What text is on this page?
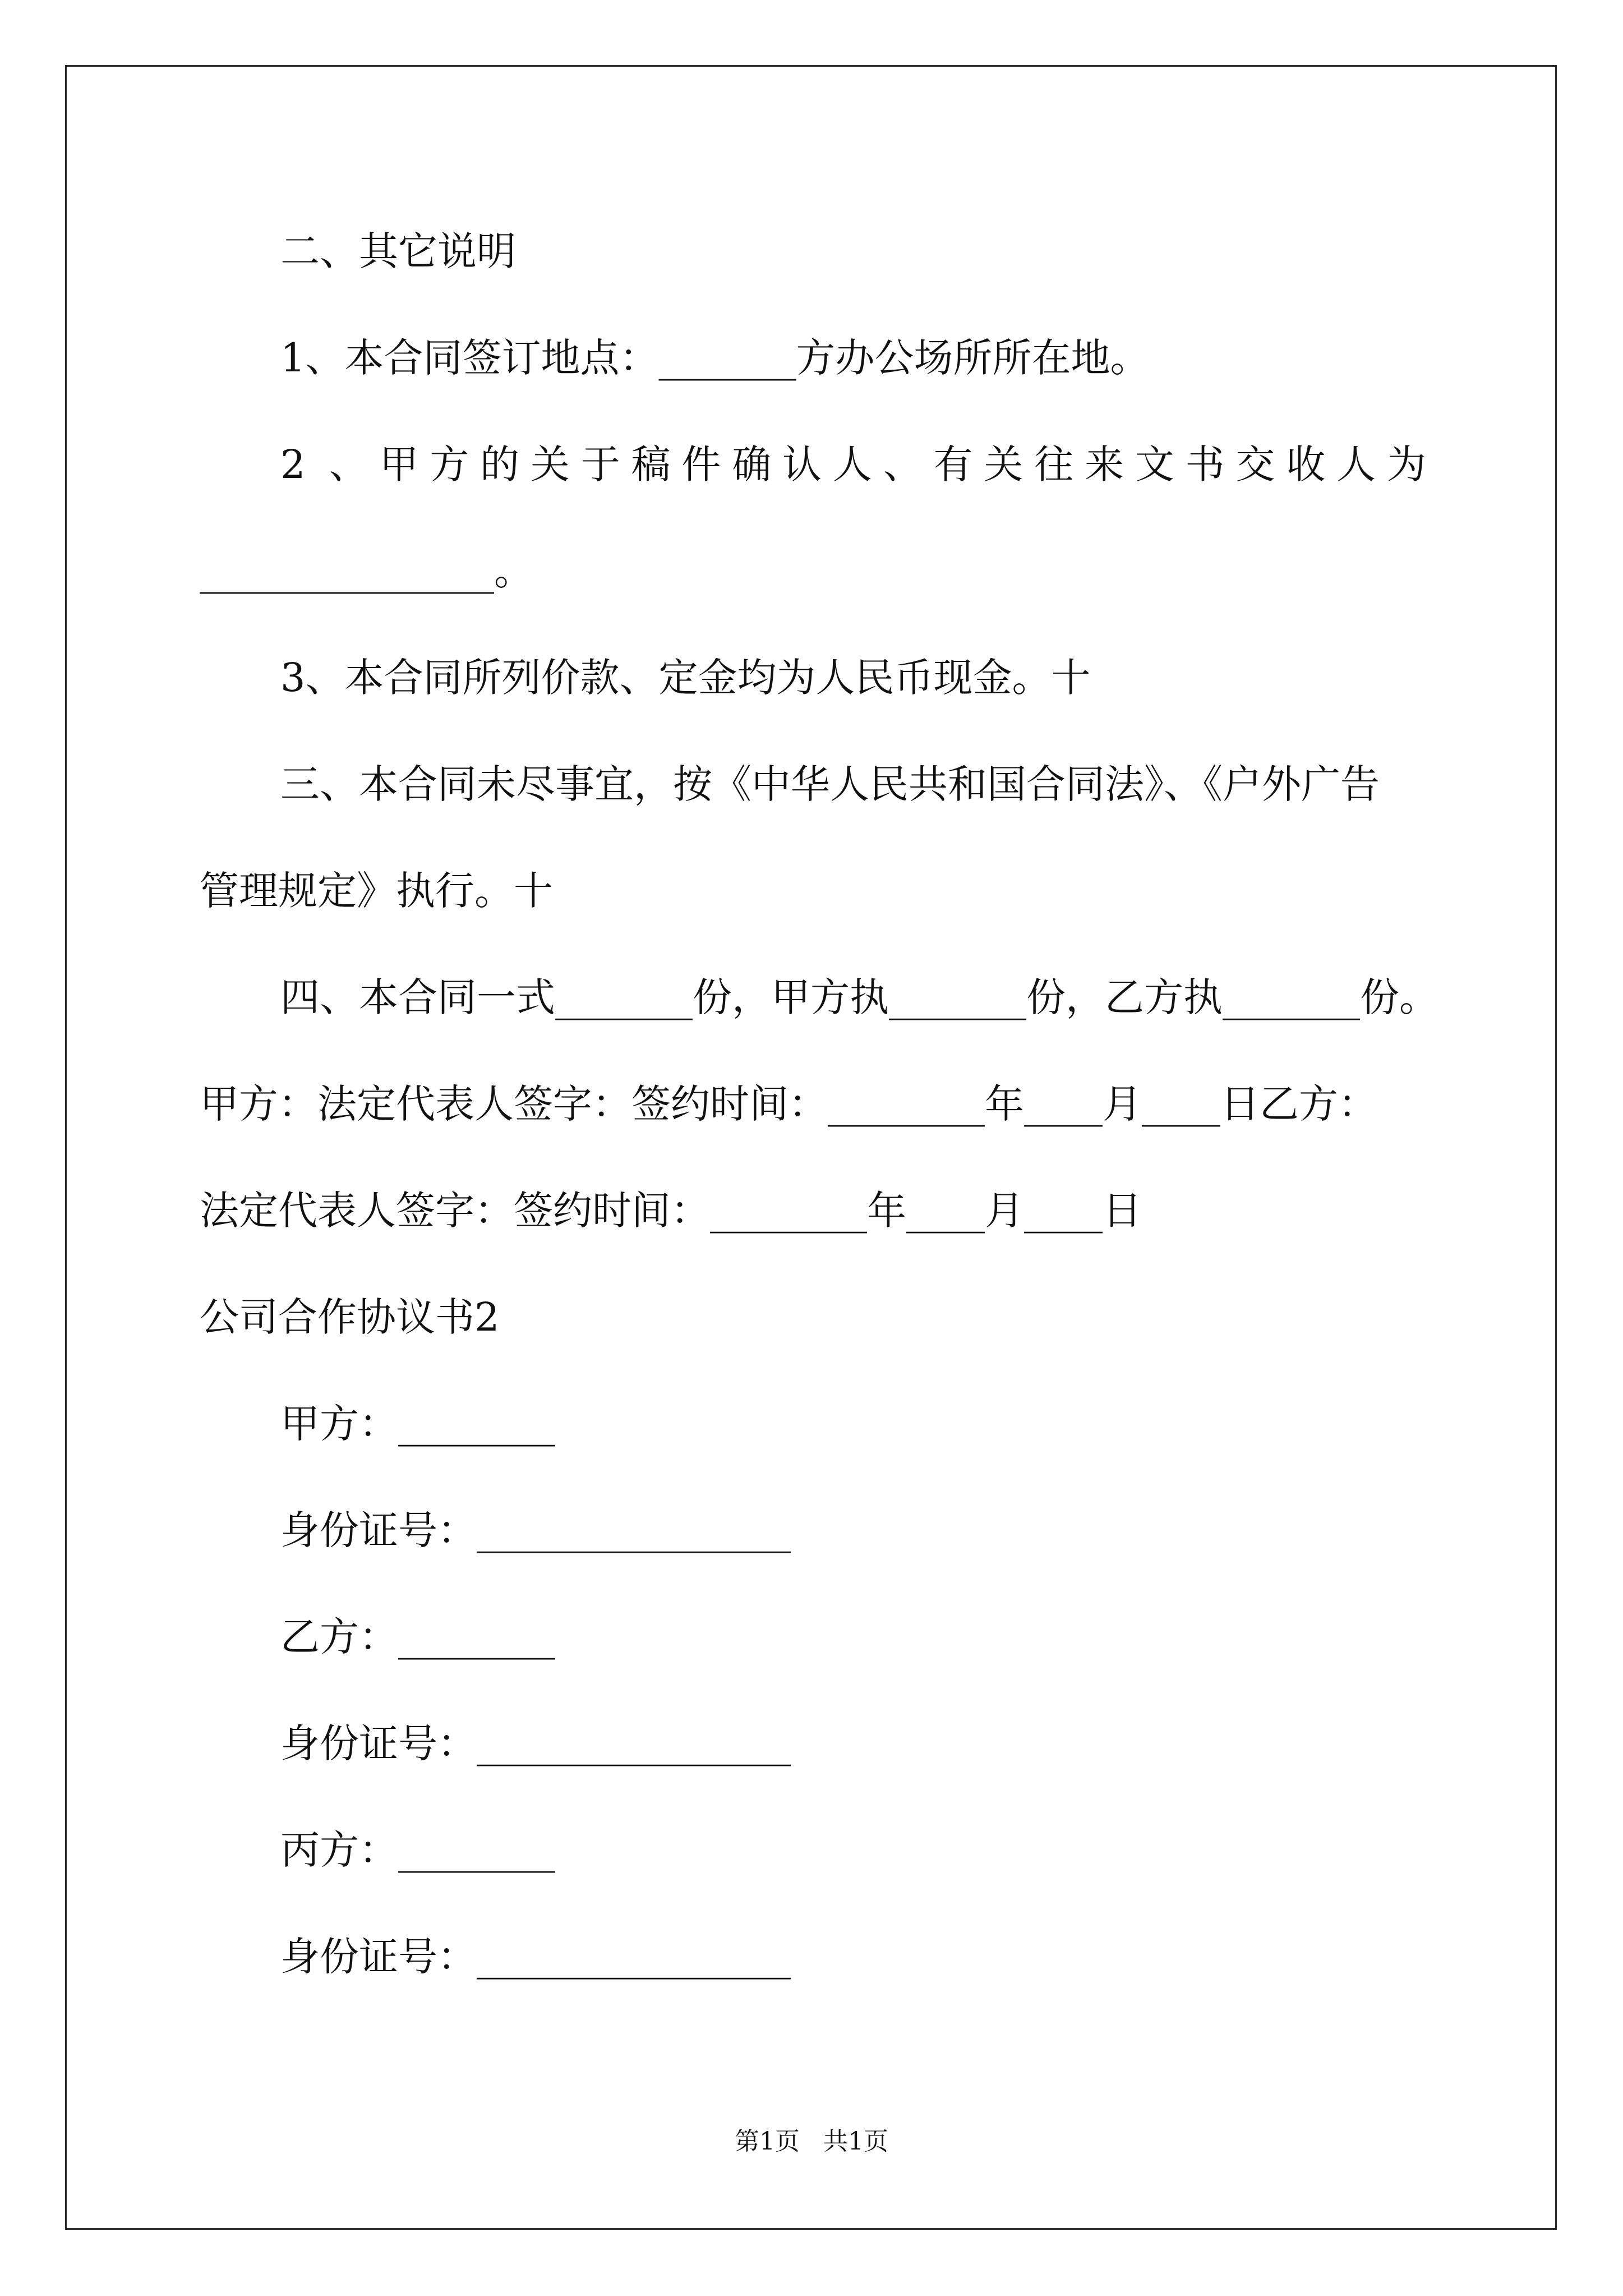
二、其它说明
1、本合同签订地点：_______方办公场所所在地。
2 、甲方的关于稿件确认人、有关往来文书交收人为
_______________。
3、本合同所列价款、定金均为人民币现金。十
三、本合同未尽事宜，按《中华人民共和国合同法》、《户外广告
管理规定》执行。十
四、本合同一式_______份，甲方执_______份，乙方执_______份。
甲方：法定代表人签字：签约时间：________年____月____日乙方：
法定代表人签字：签约时间：________年____月____日
公司合作协议书2
甲方：________
身份证号：________________
乙方：________
身份证号：________________
丙方：________
身份证号：________________
第1页   共1页
